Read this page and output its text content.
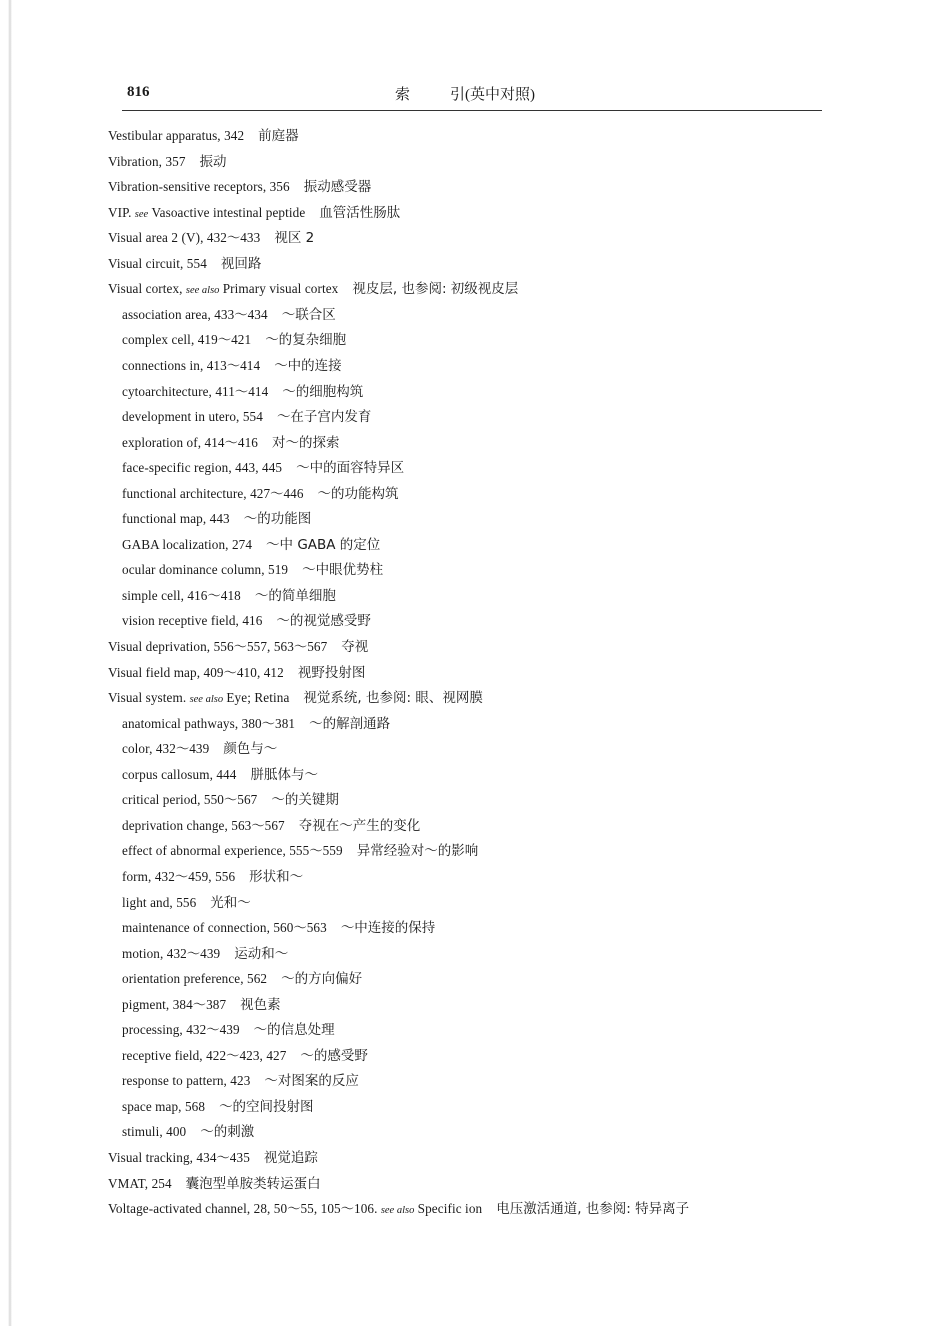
816	索	引(英中对照)
Vestibular apparatus, 342 前庭器
Vibration, 357 振动
Vibration-sensitive receptors, 356 振动感受器
VIP. see Vasoactive intestinal peptide 血管活性肠肽
Visual area 2 (V), 432～433 视区 2
Visual circuit, 554 视回路
Visual cortex, see also Primary visual cortex 视皮层, 也参阅: 初级视皮层
association area, 433～434 ～联合区
complex cell, 419～421 ～的复杂细胞
connections in, 413～414 ～中的连接
cytoarchitecture, 411～414 ～的细胞构筑
development in utero, 554 ～在子宫内发育
exploration of, 414～416 对～的探索
face-specific region, 443, 445 ～中的面容特异区
functional architecture, 427～446 ～的功能构筑
functional map, 443 ～的功能图
GABA localization, 274 ～中 GABA 的定位
ocular dominance column, 519 ～中眼优势柱
simple cell, 416～418 ～的简单细胞
vision receptive field, 416 ～的视觉感受野
Visual deprivation, 556～557, 563～567 夺视
Visual field map, 409～410, 412 视野投射图
Visual system. see also Eye; Retina 视觉系统, 也参阅: 眼、视网膜
anatomical pathways, 380～381 ～的解剖通路
color, 432～439 颜色与～
corpus callosum, 444 胼胝体与～
critical period, 550～567 ～的关键期
deprivation change, 563～567 夺视在～产生的变化
effect of abnormal experience, 555～559 异常经验对～的影响
form, 432～459, 556 形状和～
light and, 556 光和～
maintenance of connection, 560～563 ～中连接的保持
motion, 432～439 运动和～
orientation preference, 562 ～的方向偏好
pigment, 384～387 视色素
processing, 432～439 ～的信息处理
receptive field, 422～423, 427 ～的感受野
response to pattern, 423 ～对图案的反应
space map, 568 ～的空间投射图
stimuli, 400 ～的刺激
Visual tracking, 434～435 视觉追踪
VMAT, 254 囊泡型单胺类转运蛋白
Voltage-activated channel, 28, 50～55, 105～106. see also Specific ion 电压激活通道, 也参阅: 特异离子
